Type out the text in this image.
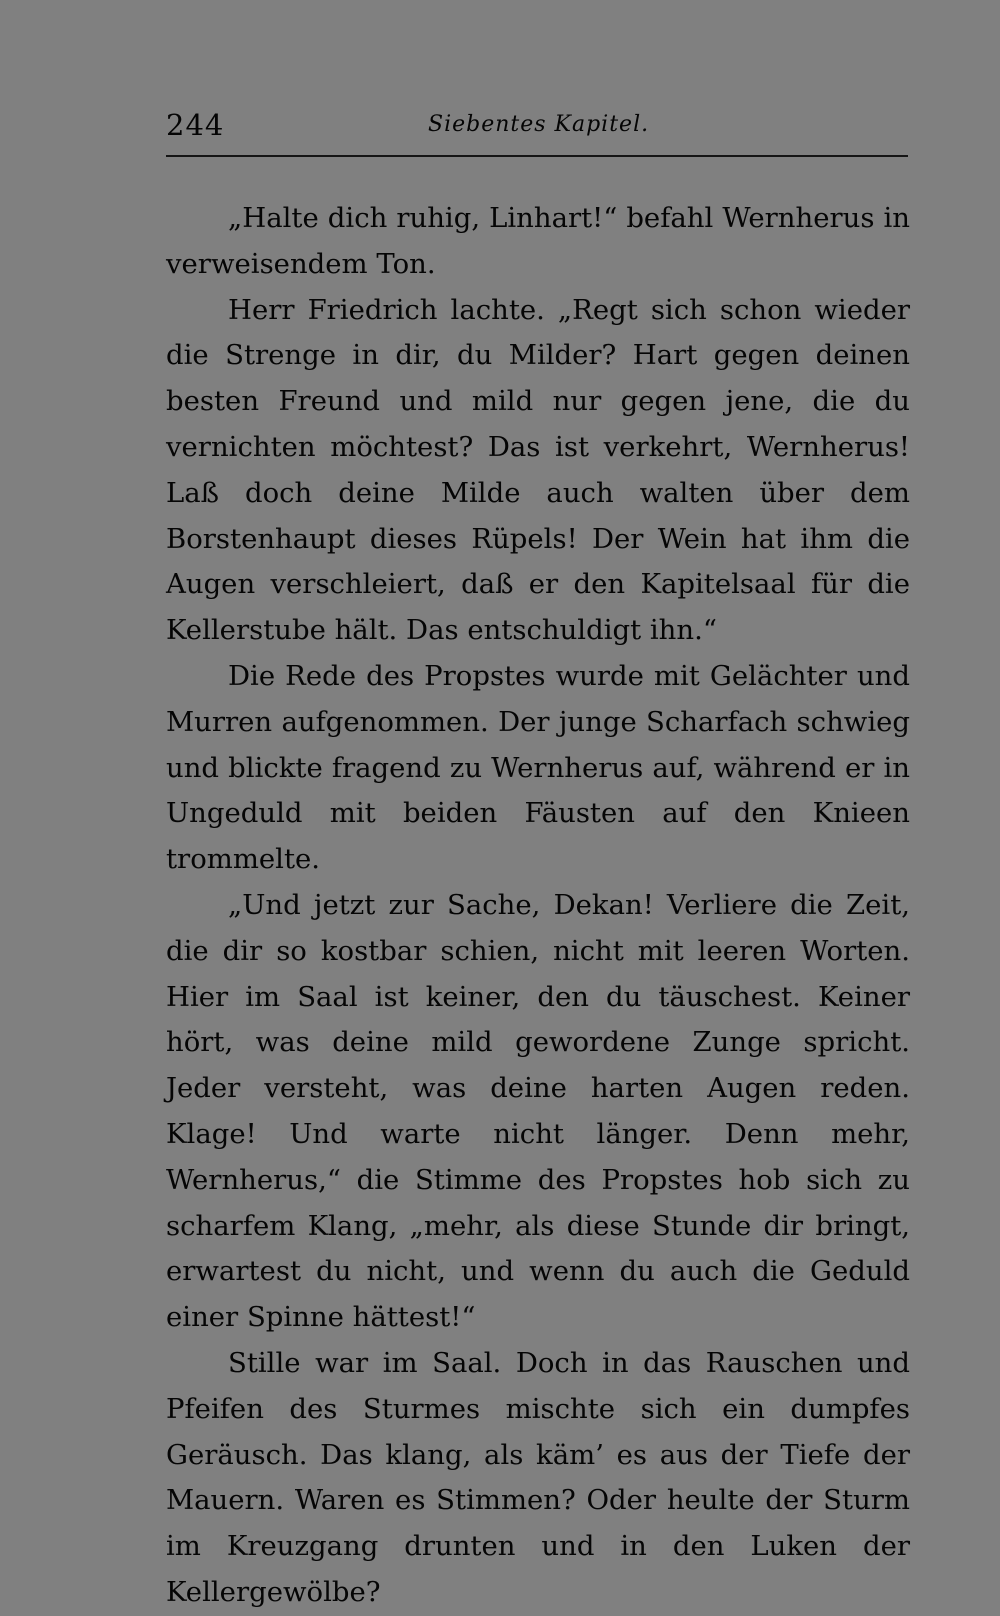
244	Siebentes Kapitel.

„Halte dich ruhig, Linhart!“ befahl Wernherus in verweisendem Ton.

Herr Friedrich lachte. „Regt sich schon wieder die Strenge in dir, du Milder? Hart gegen deinen besten Freund und mild nur gegen jene, die du vernichten möchtest? Das ist verkehrt, Wernherus! Laß doch deine Milde auch walten über dem Borstenhaupt dieses Rüpels! Der Wein hat ihm die Augen verschleiert, daß er den Kapitelsaal für die Kellerstube hält. Das entschuldigt ihn.“

Die Rede des Propstes wurde mit Gelächter und Murren aufgenommen. Der junge Scharfach schwieg und blickte fragend zu Wernherus auf, während er in Ungeduld mit beiden Fäusten auf den Knieen trommelte.

„Und jetzt zur Sache, Dekan! Verliere die Zeit, die dir so kostbar schien, nicht mit leeren Worten. Hier im Saal ist keiner, den du täuschest. Keiner hört, was deine mild gewordene Zunge spricht. Jeder versteht, was deine harten Augen reden. Klage! Und warte nicht länger. Denn mehr, Wernherus,“ die Stimme des Propstes hob sich zu scharfem Klang, „mehr, als diese Stunde dir bringt, erwartest du nicht, und wenn du auch die Geduld einer Spinne hättest!“

Stille war im Saal. Doch in das Rauschen und Pfeifen des Sturmes mischte sich ein dumpfes Geräusch. Das klang, als käm’ es aus der Tiefe der Mauern. Waren es Stimmen? Oder heulte der Sturm im Kreuzgang drunten und in den Luken der Kellergewölbe?
